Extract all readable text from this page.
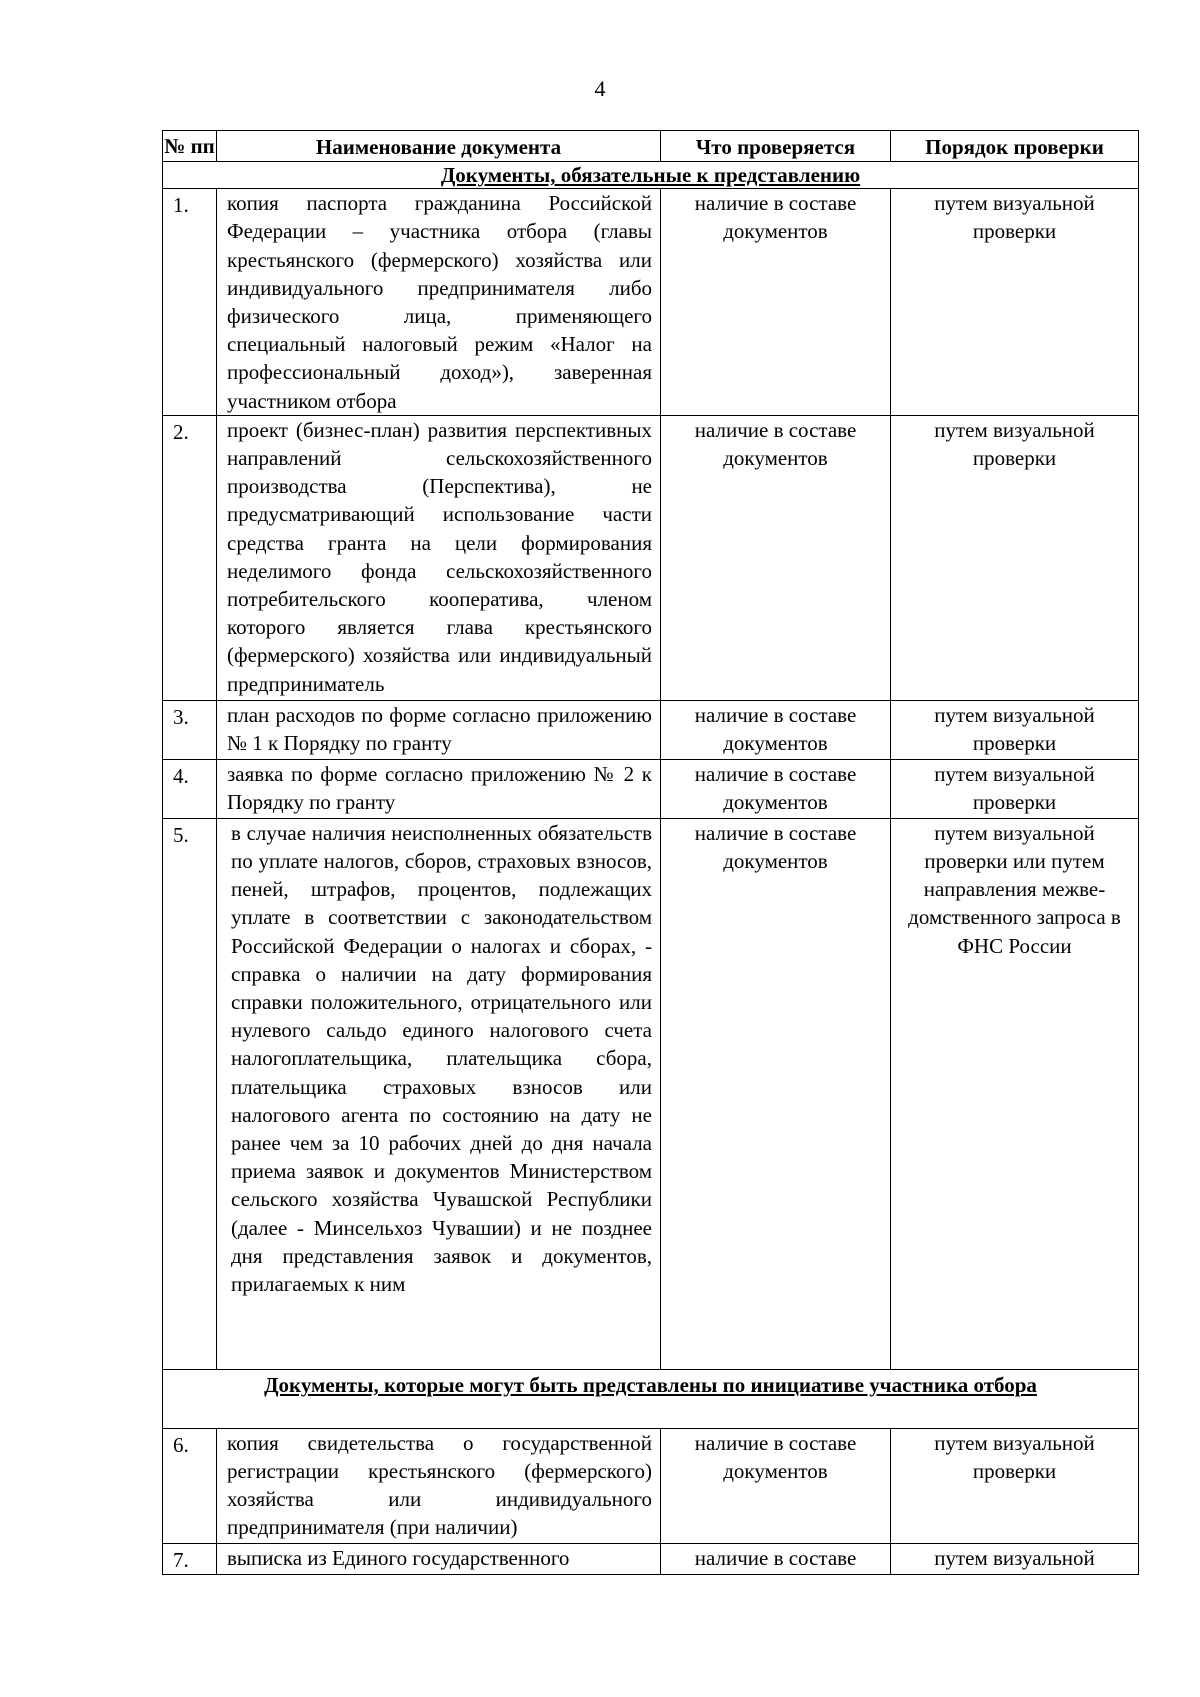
4
№ пп	Наименование документа	Что проверяется	Порядок проверки
Документы, обязательные к представлению			
1.	копия паспорта гражданина Российской Федерации – участника отбора (главы крестьянского (фермерского) хозяйства или индивидуального предпринимателя либо физического лица, применяющего специальный налоговый режим «Налог на профессиональный доход»), заверенная участником отбора	наличие в составе документов	путем визуальной проверки
2.	проект (бизнес-план) развития перспективных направлений сельскохозяйственного производства (Перспектива), не предусматривающий использование части средства гранта на цели формирования неделимого фонда сельскохозяйственного потребительского кооператива, членом которого является глава крестьянского (фермерского) хозяйства или индивидуальный предприниматель	наличие в составе документов	путем визуальной проверки
3.	план расходов по форме согласно приложению № 1 к Порядку по гранту	наличие в составе документов	путем визуальной проверки
4.	заявка по форме согласно приложению № 2 к Порядку по гранту	наличие в составе документов	путем визуальной проверки
5.	в случае наличия неисполненных обязательств по уплате налогов, сборов, страховых взносов, пеней, штрафов, процентов, подлежащих уплате в соответствии с законодательством Российской Федерации о налогах и сборах, - справка о наличии на дату формирования справки положительного, отрицательного или нулевого сальдо единого налогового счета налогоплательщика, плательщика сбора, плательщика страховых взносов или налогового агента по состоянию на дату не ранее чем за 10 рабочих дней до дня начала приема заявок и документов Министерством сельского хозяйства Чувашской Республики (далее - Минсельхоз Чувашии) и не позднее дня представления заявок и документов, прилагаемых к ним	наличие в составе документов	путем визуальной проверки или путем направления межведомственного запроса в ФНС России
Документы, которые могут быть представлены по инициативе участника отбора			
6.	копия свидетельства о государственной регистрации крестьянского (фермерского) хозяйства или индивидуального предпринимателя (при наличии)	наличие в составе документов	путем визуальной проверки
7.	выписка из Единого государственного	наличие в составе	путем визуальной
